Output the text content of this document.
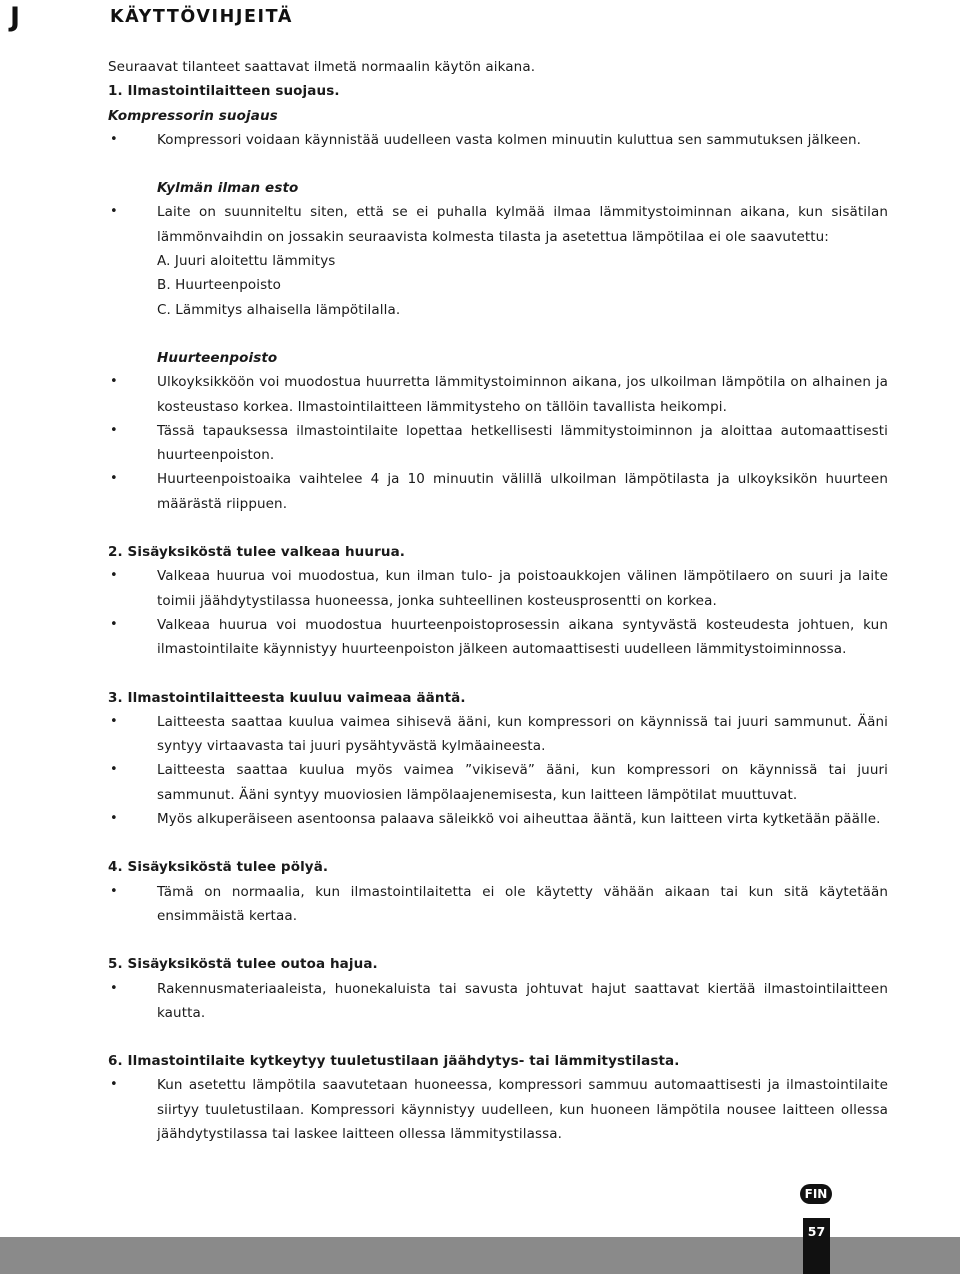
J	KÄYTTÖVIHJEITÄ

Seuraavat tilanteet saattavat ilmetä normaalin käytön aikana.

1. Ilmastointilaitteen suojaus.

Kompressorin suojaus

• Kompressori voidaan käynnistää uudelleen vasta kolmen minuutin kuluttua sen sammutuksen jälkeen.

Kylmän ilman esto

• Laite on suunniteltu siten, että se ei puhalla kylmää ilmaa lämmitystoiminnan aikana, kun sisätilan lämmönvaihdin on jossakin seuraavista kolmesta tilasta ja asetettua lämpötilaa ei ole saavutettu:

A. Juuri aloitettu lämmitys

B. Huurteenpoisto

C. Lämmitys alhaisella lämpötilalla.

Huurteenpoisto

• Ulkoyksikköön voi muodostua huurretta lämmitystoiminnon aikana, jos ulkoilman lämpötila on alhainen ja kosteustaso korkea. Ilmastointilaitteen lämmitysteho on tällöin tavallista heikompi.

• Tässä tapauksessa ilmastointilaite lopettaa hetkellisesti lämmitystoiminnon ja aloittaa automaattisesti huurteenpoiston.

• Huurteenpoistoaika vaihtelee 4 ja 10 minuutin välillä ulkoilman lämpötilasta ja ulkoyksikön huurteen määrästä riippuen.

2. Sisäyksiköstä tulee valkeaa huurua.

• Valkeaa huurua voi muodostua, kun ilman tulo- ja poistoaukkojen välinen lämpötilaero on suuri ja laite toimii jäähdytystilassa huoneessa, jonka suhteellinen kosteusprosentti on korkea.

• Valkeaa huurua voi muodostua huurteenpoistoprosessin aikana syntyvästä kosteudesta johtuen, kun ilmastointilaite käynnistyy huurteenpoiston jälkeen automaattisesti uudelleen lämmitystoiminnossa.

3. Ilmastointilaitteesta kuuluu vaimeaa ääntä.

• Laitteesta saattaa kuulua vaimea sihisevä ääni, kun kompressori on käynnissä tai juuri sammunut. Ääni syntyy virtaavasta tai juuri pysähtyvästä kylmäaineesta.

• Laitteesta saattaa kuulua myös vaimea ”vikisevä” ääni, kun kompressori on käynnissä tai juuri sammunut. Ääni syntyy muoviosien lämpölaajenemisesta, kun laitteen lämpötilat muuttuvat.

• Myös alkuperäiseen asentoonsa palaava säleikkö voi aiheuttaa ääntä, kun laitteen virta kytketään päälle.

4. Sisäyksiköstä tulee pölyä.

• Tämä on normaalia, kun ilmastointilaitetta ei ole käytetty vähään aikaan tai kun sitä käytetään ensimmäistä kertaa.

5. Sisäyksiköstä tulee outoa hajua.

• Rakennusmateriaaleista, huonekaluista tai savusta johtuvat hajut saattavat kiertää ilmastointilaitteen kautta.

6. Ilmastointilaite kytkeytyy tuuletustilaan jäähdytys- tai lämmitystilasta.

• Kun asetettu lämpötila saavutetaan huoneessa, kompressori sammuu automaattisesti ja ilmastointilaite siirtyy tuuletustilaan. Kompressori käynnistyy uudelleen, kun huoneen lämpötila nousee laitteen ollessa jäähdytystilassa tai laskee laitteen ollessa lämmitystilassa.

FIN
57
